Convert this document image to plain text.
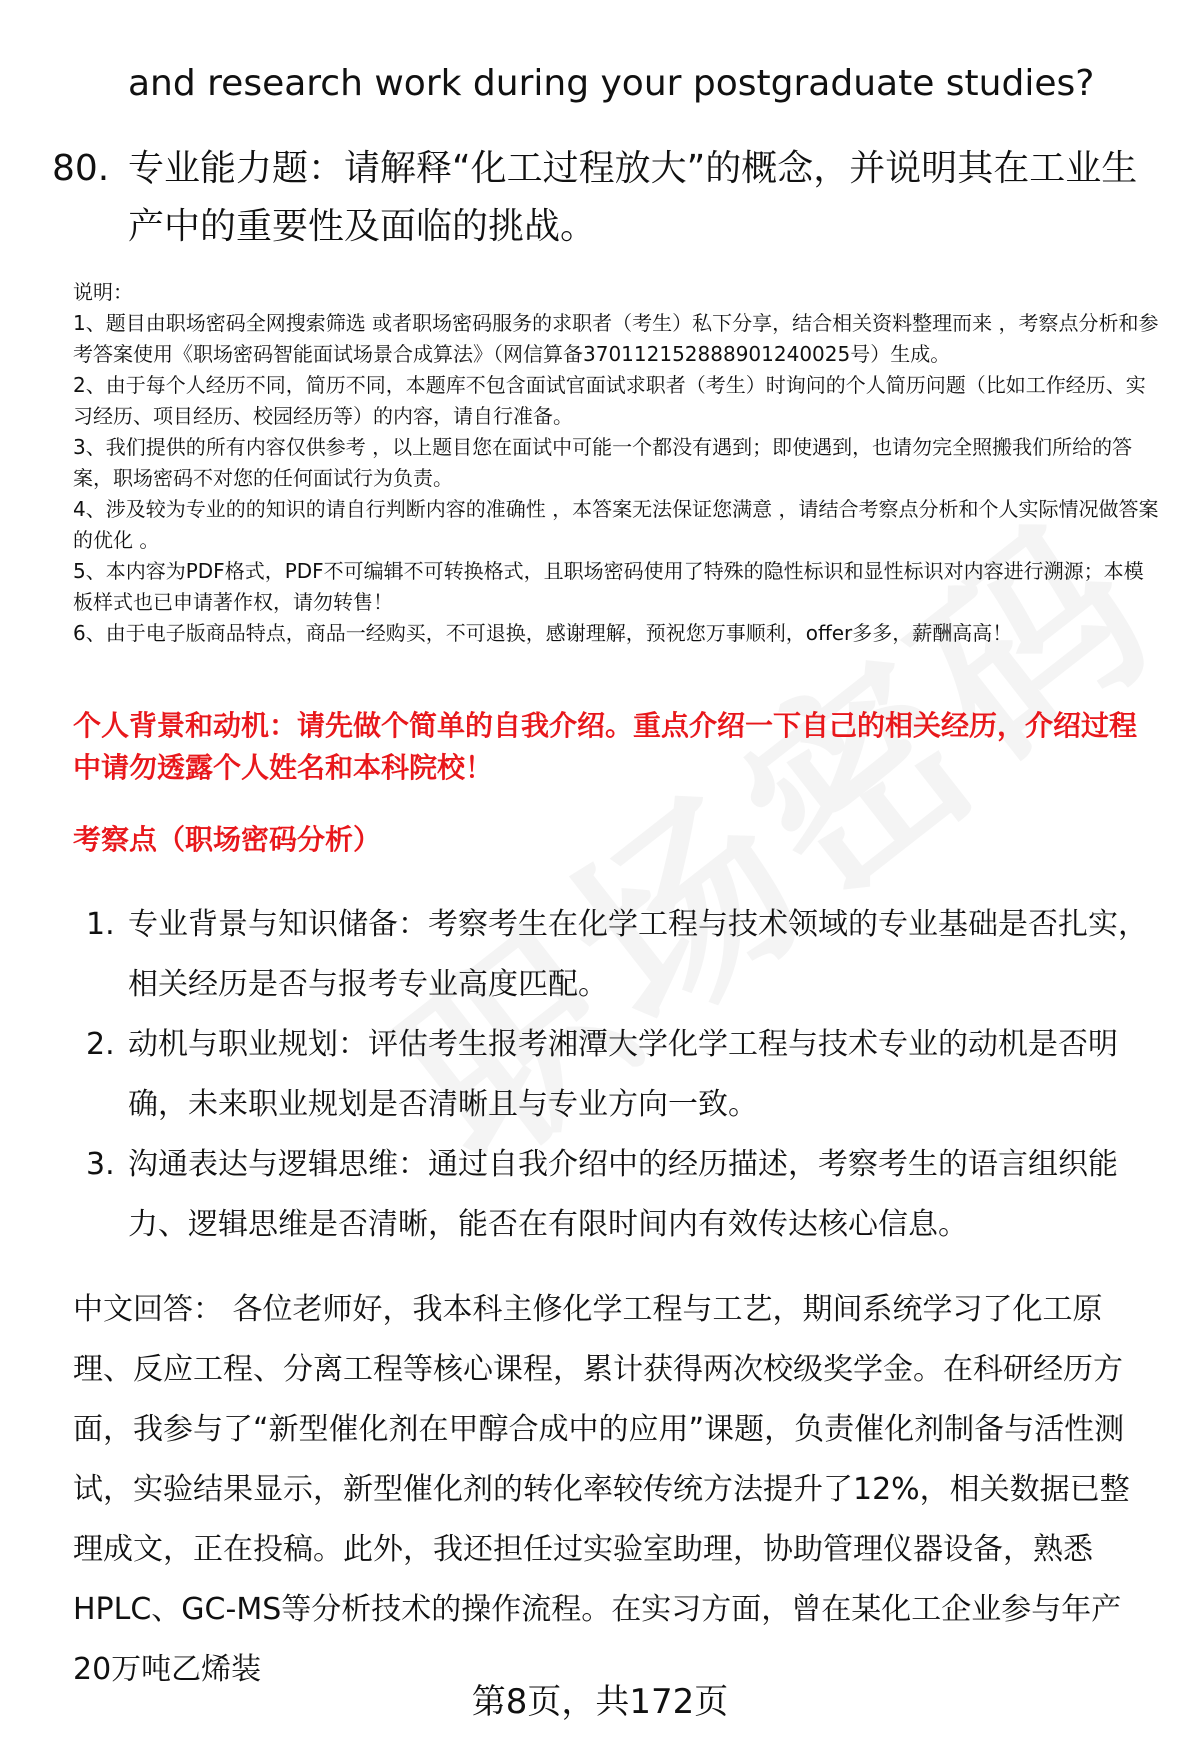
and research work during your postgraduate studies?
80. 专业能力题：请解释“化工过程放大”的概念，并说明其在工业生产中的重要性及面临的挑战。

说明：

1、题目由职场密码全网搜索筛选 或者职场密码服务的求职者（考生）私下分享，结合相关资料整理而来 ，考察点分析和参考答案使用《职场密码智能面试场景合成算法》（网信算备370112152888901240025号）生成。

2、由于每个人经历不同，简历不同，本题库不包含面试官面试求职者（考生）时询问的个人简历问题（比如工作经历、实习经历、项目经历、校园经历等）的内容，请自行准备。

3、我们提供的所有内容仅供参考 ，以上题目您在面试中可能一个都没有遇到；即使遇到，也请勿完全照搬我们所给的答案，职场密码不对您的任何面试行为负责。

4、涉及较为专业的的知识的请自行判断内容的准确性 ，本答案无法保证您满意 ，请结合考察点分析和个人实际情况做答案的优化 。

5、本内容为PDF格式，PDF不可编辑不可转换格式，且职场密码使用了特殊的隐性标识和显性标识对内容进行溯源；本模板样式也已申请著作权，请勿转售！

6、由于电子版商品特点，商品一经购买，不可退换，感谢理解，预祝您万事顺利，offer多多，薪酬高高！

个人背景和动机：请先做个简单的自我介绍。重点介绍一下自己的相关经历，介绍过程中请勿透露个人姓名和本科院校！
考察点（职场密码分析）
1. 专业背景与知识储备：考察考生在化学工程与技术领域的专业基础是否扎实，相关经历是否与报考专业高度匹配。
2. 动机与职业规划：评估考生报考湘潭大学化学工程与技术专业的动机是否明确，未来职业规划是否清晰且与专业方向一致。
3. 沟通表达与逻辑思维：通过自我介绍中的经历描述，考察考生的语言组织能力、逻辑思维是否清晰，能否在有限时间内有效传达核心信息。
中文回答： 各位老师好，我本科主修化学工程与工艺，期间系统学习了化工原理、反应工程、分离工程等核心课程，累计获得两次校级奖学金。在科研经历方面，我参与了“新型催化剂在甲醇合成中的应用”课题，负责催化剂制备与活性测试，实验结果显示，新型催化剂的转化率较传统方法提升了12%，相关数据已整理成文，正在投稿。此外，我还担任过实验室助理，协助管理仪器设备，熟悉HPLC、GC-MS等分析技术的操作流程。在实习方面，曾在某化工企业参与年产20万吨乙烯装
第8页，共172页
